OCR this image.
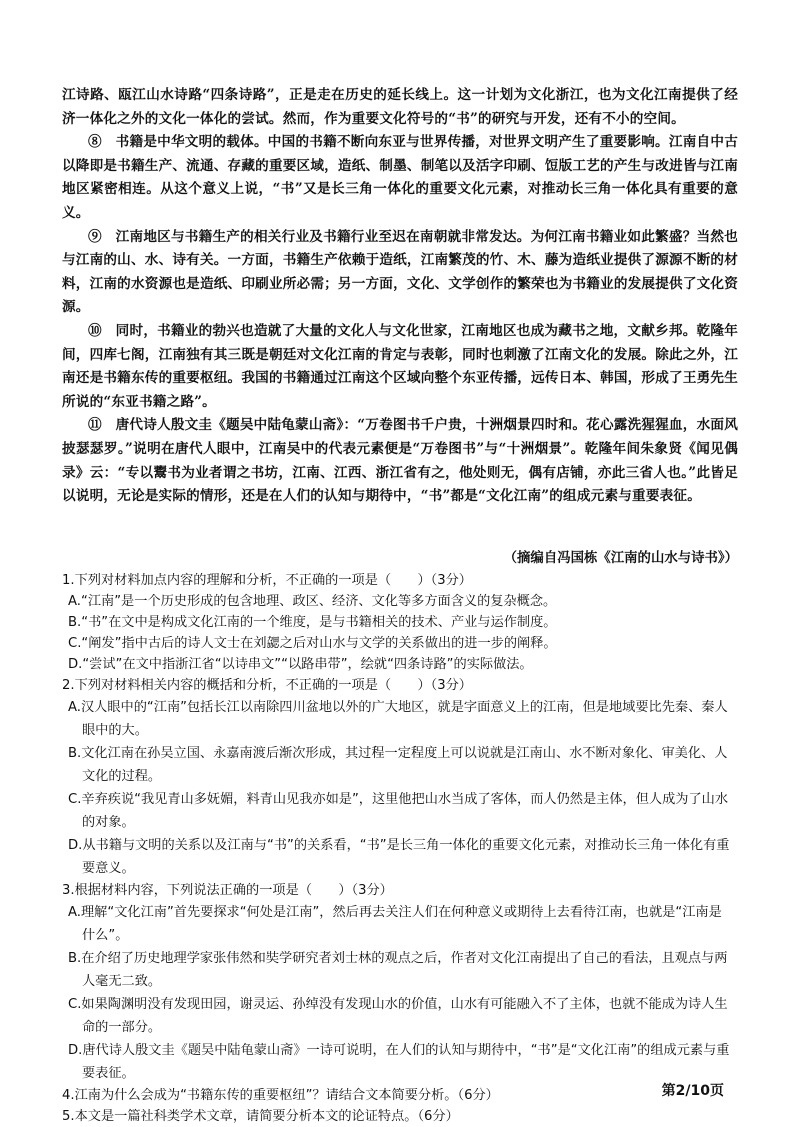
江诗路、瓯江山水诗路“四条诗路”，正是走在历史的延长线上。这一计划为文化浙江，也为文化江南提供了经济一体化之外的文化一体化的尝试。然而，作为重要文化符号的“书”的研究与开发，还有不小的空间。

⑧　书籍是中华文明的载体。中国的书籍不断向东亚与世界传播，对世界文明产生了重要影响。江南自中古以降即是书籍生产、流通、存藏的重要区域，造纸、制墨、制笔以及活字印刷、饾版工艺的产生与改进皆与江南地区紧密相连。从这个意义上说，“书”又是长三角一体化的重要文化元素，对推动长三角一体化具有重要的意义。

⑨　江南地区与书籍生产的相关行业及书籍行业至迟在南朝就非常发达。为何江南书籍业如此繁盛？当然也与江南的山、水、诗有关。一方面，书籍生产依赖于造纸，江南繁茂的竹、木、藤为造纸业提供了源源不断的材料，江南的水资源也是造纸、印刷业所必需；另一方面，文化、文学创作的繁荣也为书籍业的发展提供了文化资源。

⑩　同时，书籍业的勃兴也造就了大量的文化人与文化世家，江南地区也成为藏书之地，文献乡邦。乾隆年间，四库七阁，江南独有其三既是朝廷对文化江南的肯定与表彰，同时也刺激了江南文化的发展。除此之外，江南还是书籍东传的重要枢纽。我国的书籍通过江南这个区域向整个东亚传播，远传日本、韩国，形成了王勇先生所说的“东亚书籍之路”。

⑪　唐代诗人殷文圭《题吴中陆龟蒙山斋》：“万卷图书千户贵，十洲烟景四时和。花心露洗猩猩血，水面风披瑟瑟罗。”说明在唐代人眼中，江南吴中的代表元素便是“万卷图书”与“十洲烟景”。乾隆年间朱象贤《闻见偶录》云：“专以鬻书为业者谓之书坊，江南、江西、浙江省有之，他处则无，偶有店铺，亦此三省人也。”此皆足以说明，无论是实际的情形，还是在人们的认知与期待中，“书”都是“文化江南”的组成元素与重要表征。

（摘编自冯国栋《江南的山水与诗书》）

1.下列对材料加点内容的理解和分析，不正确的一项是（　　）（3分）

A.“江南”是一个历史形成的包含地理、政区、经济、文化等多方面含义的复杂概念。

B.“书”在文中是构成文化江南的一个维度，是与书籍相关的技术、产业与运作制度。

C.“阐发”指中古后的诗人文士在刘勰之后对山水与文学的关系做出的进一步的阐释。

D.“尝试”在文中指浙江省“以诗串文”“以路串带”，绘就“四条诗路”的实际做法。

2.下列对材料相关内容的概括和分析，不正确的一项是（　　）（3分）

A.汉人眼中的“江南”包括长江以南除四川盆地以外的广大地区，就是字面意义上的江南，但是地域要比先秦、秦人眼中的大。

B.文化江南在孙吴立国、永嘉南渡后渐次形成，其过程一定程度上可以说就是江南山、水不断对象化、审美化、人文化的过程。

C.辛弃疾说“我见青山多妩媚，料青山见我亦如是”，这里他把山水当成了客体，而人仍然是主体，但人成为了山水的对象。

D.从书籍与文明的关系以及江南与“书”的关系看，“书”是长三角一体化的重要文化元素，对推动长三角一体化有重要意义。

3.根据材料内容，下列说法正确的一项是（　　）（3分）

A.理解“文化江南”首先要探求“何处是江南”，然后再去关注人们在何种意义或期待上去看待江南，也就是“江南是什么”。

B.在介绍了历史地理学家张伟然和奘学研究者刘士林的观点之后，作者对文化江南提出了自己的看法，且观点与两人毫无二致。

C.如果陶渊明没有发现田园，谢灵运、孙绰没有发现山水的价值，山水有可能融入不了主体，也就不能成为诗人生命的一部分。

D.唐代诗人殷文圭《题吴中陆龟蒙山斋》一诗可说明，在人们的认知与期待中，“书”是“文化江南”的组成元素与重要表征。

4.江南为什么会成为“书籍东传的重要枢纽”？请结合文本简要分析。（6分）

5.本文是一篇社科类学术文章，请简要分析本文的论证特点。（6分）

第2/10页
